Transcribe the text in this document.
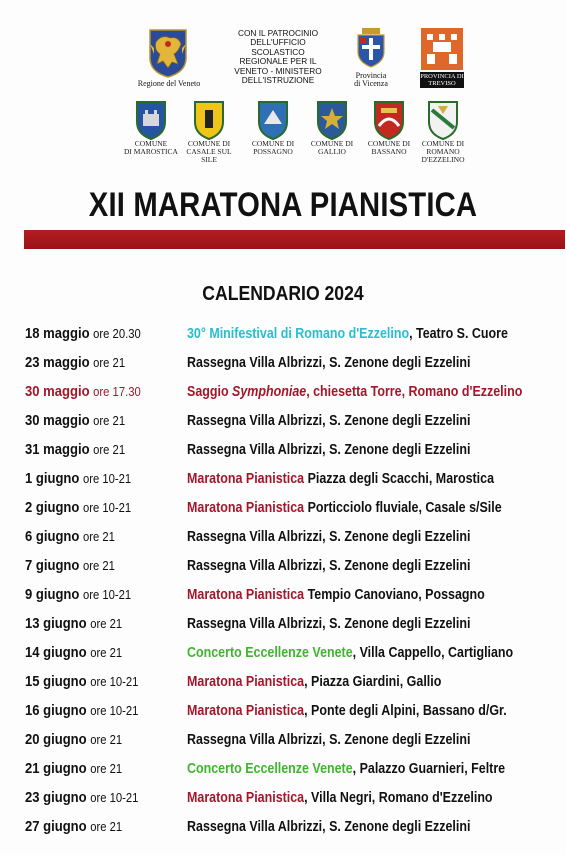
Regione del Veneto
CON IL PATROCINIO
DELL'UFFICIO
SCOLASTICO
REGIONALE PER IL
VENETO - MINISTERO
DELL'ISTRUZIONE	Provincia
di Vicenza
PROVINCIA DI TREVISO
COMUNE
DI MAROSTICA
COMUNE DI
CASALE SUL SILE
COMUNE DI
POSSAGNO
COMUNE DI
GALLIO
COMUNE DI
BASSANO
COMUNE DI
ROMANO
D'EZZELINO
XII MARATONA PIANISTICA
CALENDARIO 2024
18 maggio ore 20.30	30° Minifestival di Romano d'Ezzelino, Teatro S. Cuore
23 maggio ore 21	Rassegna Villa Albrizzi, S. Zenone degli Ezzelini
30 maggio ore 17.30	Saggio Symphoniae, chiesetta Torre, Romano d'Ezzelino
30 maggio ore 21	Rassegna Villa Albrizzi, S. Zenone degli Ezzelini
31 maggio ore 21	Rassegna Villa Albrizzi, S. Zenone degli Ezzelini
1 giugno ore 10-21	Maratona Pianistica Piazza degli Scacchi, Marostica
2 giugno ore 10-21	Maratona Pianistica Porticciolo fluviale, Casale s/Sile
6 giugno ore 21	Rassegna Villa Albrizzi, S. Zenone degli Ezzelini
7 giugno ore 21	Rassegna Villa Albrizzi, S. Zenone degli Ezzelini
9 giugno ore 10-21	Maratona Pianistica Tempio Canoviano, Possagno
13 giugno ore 21	Rassegna Villa Albrizzi, S. Zenone degli Ezzelini
14 giugno ore 21	Concerto Eccellenze Venete, Villa Cappello, Cartigliano
15 giugno ore 10-21	Maratona Pianistica, Piazza Giardini, Gallio
16 giugno ore 10-21	Maratona Pianistica, Ponte degli Alpini, Bassano d/Gr.
20 giugno ore 21	Rassegna Villa Albrizzi, S. Zenone degli Ezzelini
21 giugno ore 21	Concerto Eccellenze Venete, Palazzo Guarnieri, Feltre
23 giugno ore 10-21	Maratona Pianistica, Villa Negri, Romano d'Ezzelino
27 giugno ore 21	Rassegna Villa Albrizzi, S. Zenone degli Ezzelini
